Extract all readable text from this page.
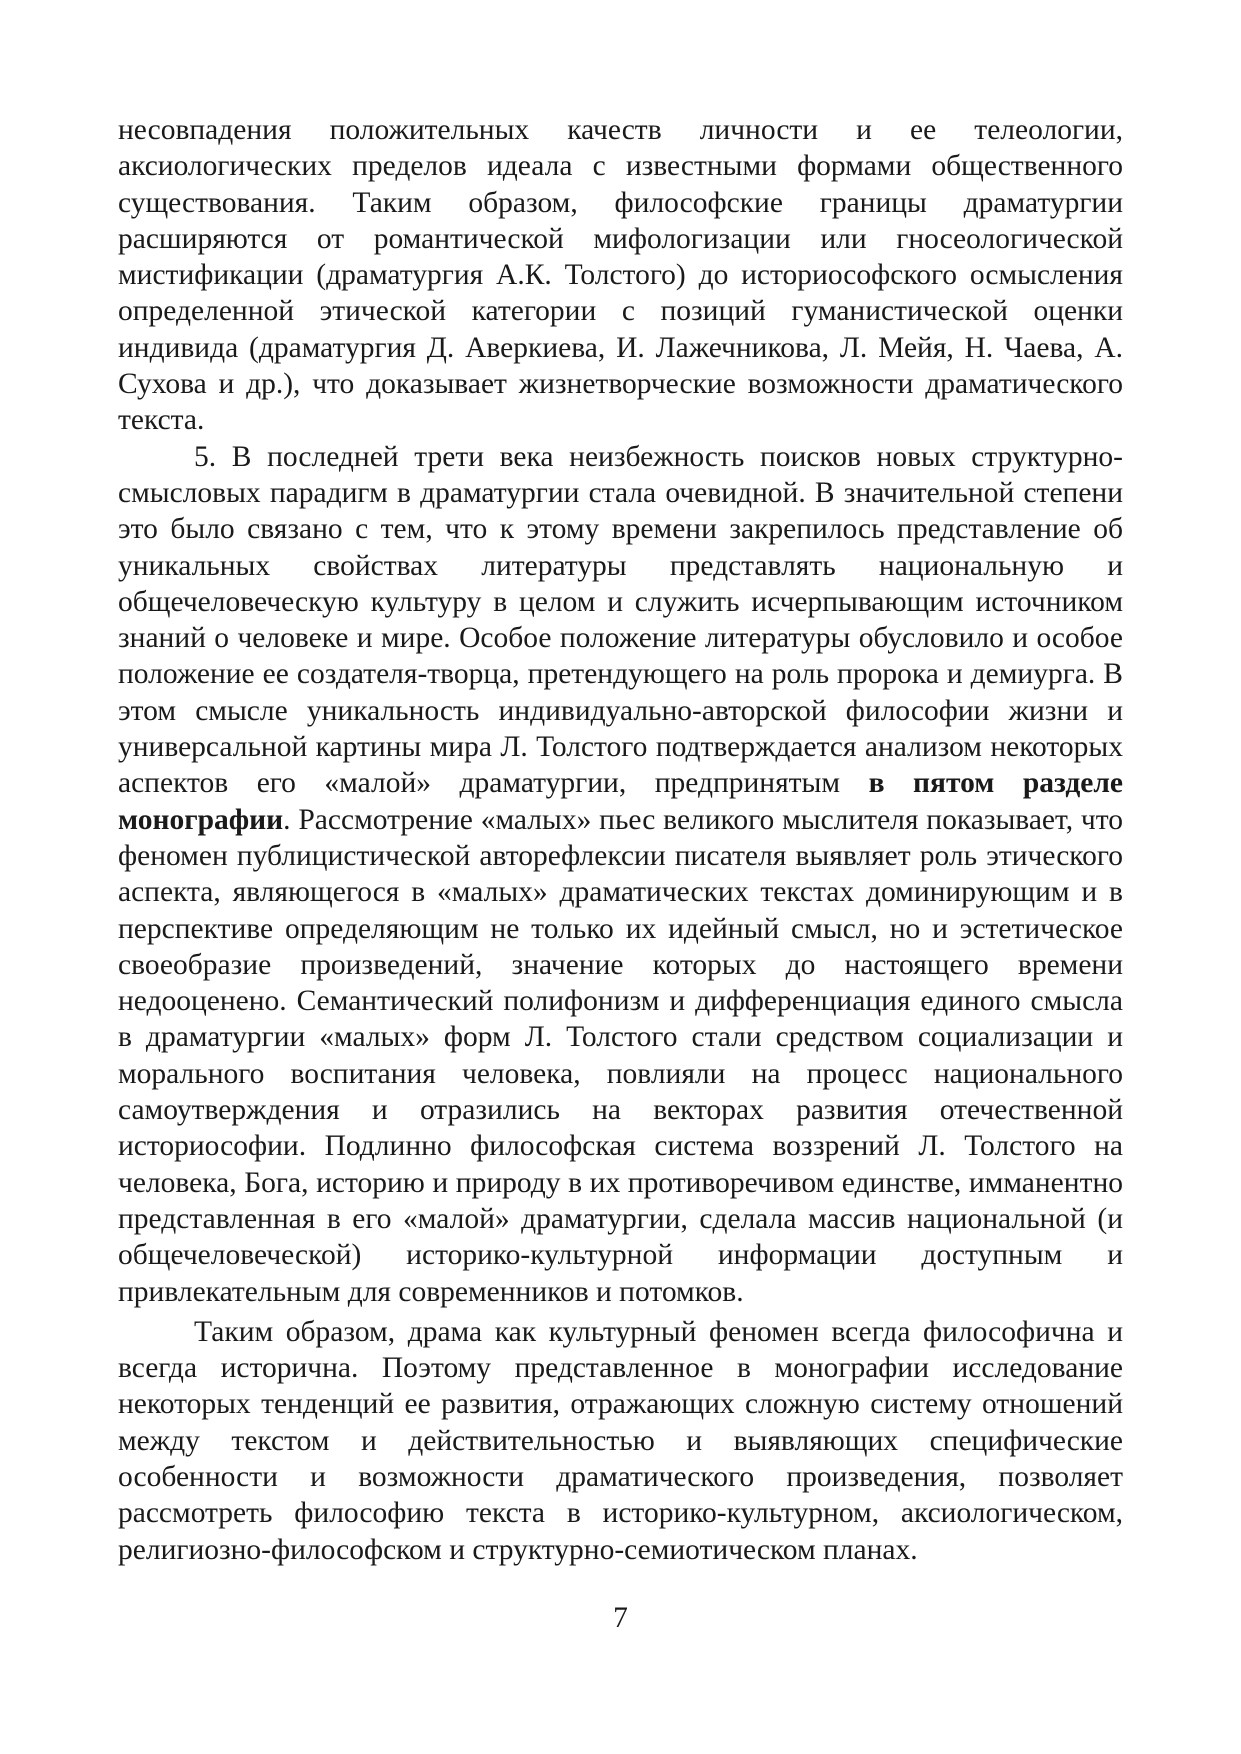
несовпадения положительных качеств личности и ее телеологии, аксиологических пределов идеала с известными формами общественного существования. Таким образом, философские границы драматургии расширяются от романтической мифологизации или гносеологической мистификации (драматургия А.К. Толстого) до историософского осмысления определенной этической категории с позиций гуманистической оценки индивида (драматургия Д. Аверкиева, И. Лажечникова, Л. Мейя, Н. Чаева, А. Сухова и др.), что доказывает жизнетворческие возможности драматического текста.

5. В последней трети века неизбежность поисков новых структурно-смысловых парадигм в драматургии стала очевидной. В значительной степени это было связано с тем, что к этому времени закрепилось представление об уникальных свойствах литературы представлять национальную и общечеловеческую культуру в целом и служить исчерпывающим источником знаний о человеке и мире. Особое положение литературы обусловило и особое положение ее создателя-творца, претендующего на роль пророка и демиурга. В этом смысле уникальность индивидуально-авторской философии жизни и универсальной картины мира Л. Толстого подтверждается анализом некоторых аспектов его «малой» драматургии, предпринятым в пятом разделе монографии. Рассмотрение «малых» пьес великого мыслителя показывает, что феномен публицистической авторефлексии писателя выявляет роль этического аспекта, являющегося в «малых» драматических текстах доминирующим и в перспективе определяющим не только их идейный смысл, но и эстетическое своеобразие произведений, значение которых до настоящего времени недооценено. Семантический полифонизм и дифференциация единого смысла в драматургии «малых» форм Л. Толстого стали средством социализации и морального воспитания человека, повлияли на процесс национального самоутверждения и отразились на векторах развития отечественной историософии. Подлинно философская система воззрений Л. Толстого на человека, Бога, историю и природу в их противоречивом единстве, имманентно представленная в его «малой» драматургии, сделала массив национальной (и общечеловеческой) историко-культурной информации доступным и привлекательным для современников и потомков.

Таким образом, драма как культурный феномен всегда философична и всегда исторична. Поэтому представленное в монографии исследование некоторых тенденций ее развития, отражающих сложную систему отношений между текстом и действительностью и выявляющих специфические особенности и возможности драматического произведения, позволяет рассмотреть философию текста в историко-культурном, аксиологическом, религиозно-философском и структурно-семиотическом планах.

7
